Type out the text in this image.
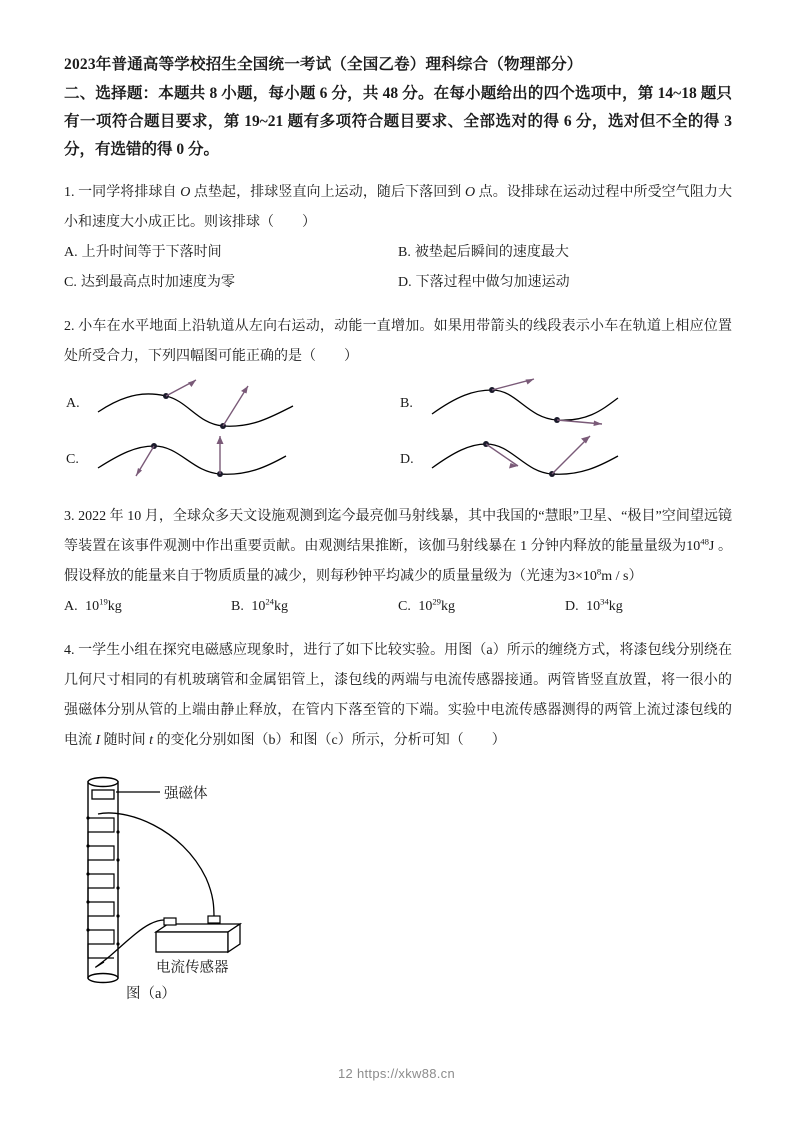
2023年普通高等学校招生全国统一考试（全国乙卷）理科综合（物理部分）
二、选择题：本题共 8 小题，每小题 6 分，共 48 分。在每小题给出的四个选项中，第 14~18 题只有一项符合题目要求，第 19~21 题有多项符合题目要求、全部选对的得 6 分，选对但不全的得 3 分，有选错的得 0 分。
1. 一同学将排球自 O 点垫起，排球竖直向上运动，随后下落回到 O 点。设排球在运动过程中所受空气阻力大小和速度大小成正比。则该排球（　　）
A. 上升时间等于下落时间	B. 被垫起后瞬间的速度最大
C. 达到最高点时加速度为零	D. 下落过程中做匀加速运动
2. 小车在水平地面上沿轨道从左向右运动，动能一直增加。如果用带箭头的线段表示小车在轨道上相应位置处所受合力，下列四幅图可能正确的是（　　）
A.	B.
C.	D.
3. 2022 年 10 月，全球众多天文设施观测到迄今最亮伽马射线暴，其中我国的“慧眼”卫星、“极目”空间望远镜等装置在该事件观测中作出重要贡献。由观测结果推断，该伽马射线暴在 1 分钟内释放的能量量级为$10^{48}J$ 。假设释放的能量来自于物质质量的减少，则每秒钟平均减少的质量量级为（光速为$3\times 10^8m / s$）
A. $10^{19}kg$	B. $10^{24}kg$	C. $10^{29}kg$	D. $10^{34}kg$
4. 一学生小组在探究电磁感应现象时，进行了如下比较实验。用图（a）所示的缠绕方式，将漆包线分别绕在几何尺寸相同的有机玻璃管和金属铝管上，漆包线的两端与电流传感器接通。两管皆竖直放置，将一很小的强磁体分别从管的上端由静止释放，在管内下落至管的下端。实验中电流传感器测得的两管上流过漆包线的电流 I 随时间 t 的变化分别如图（b）和图（c）所示，分析可知（　　）
强磁体
电流传感器
图（a）
12 https://xkw88.cn
